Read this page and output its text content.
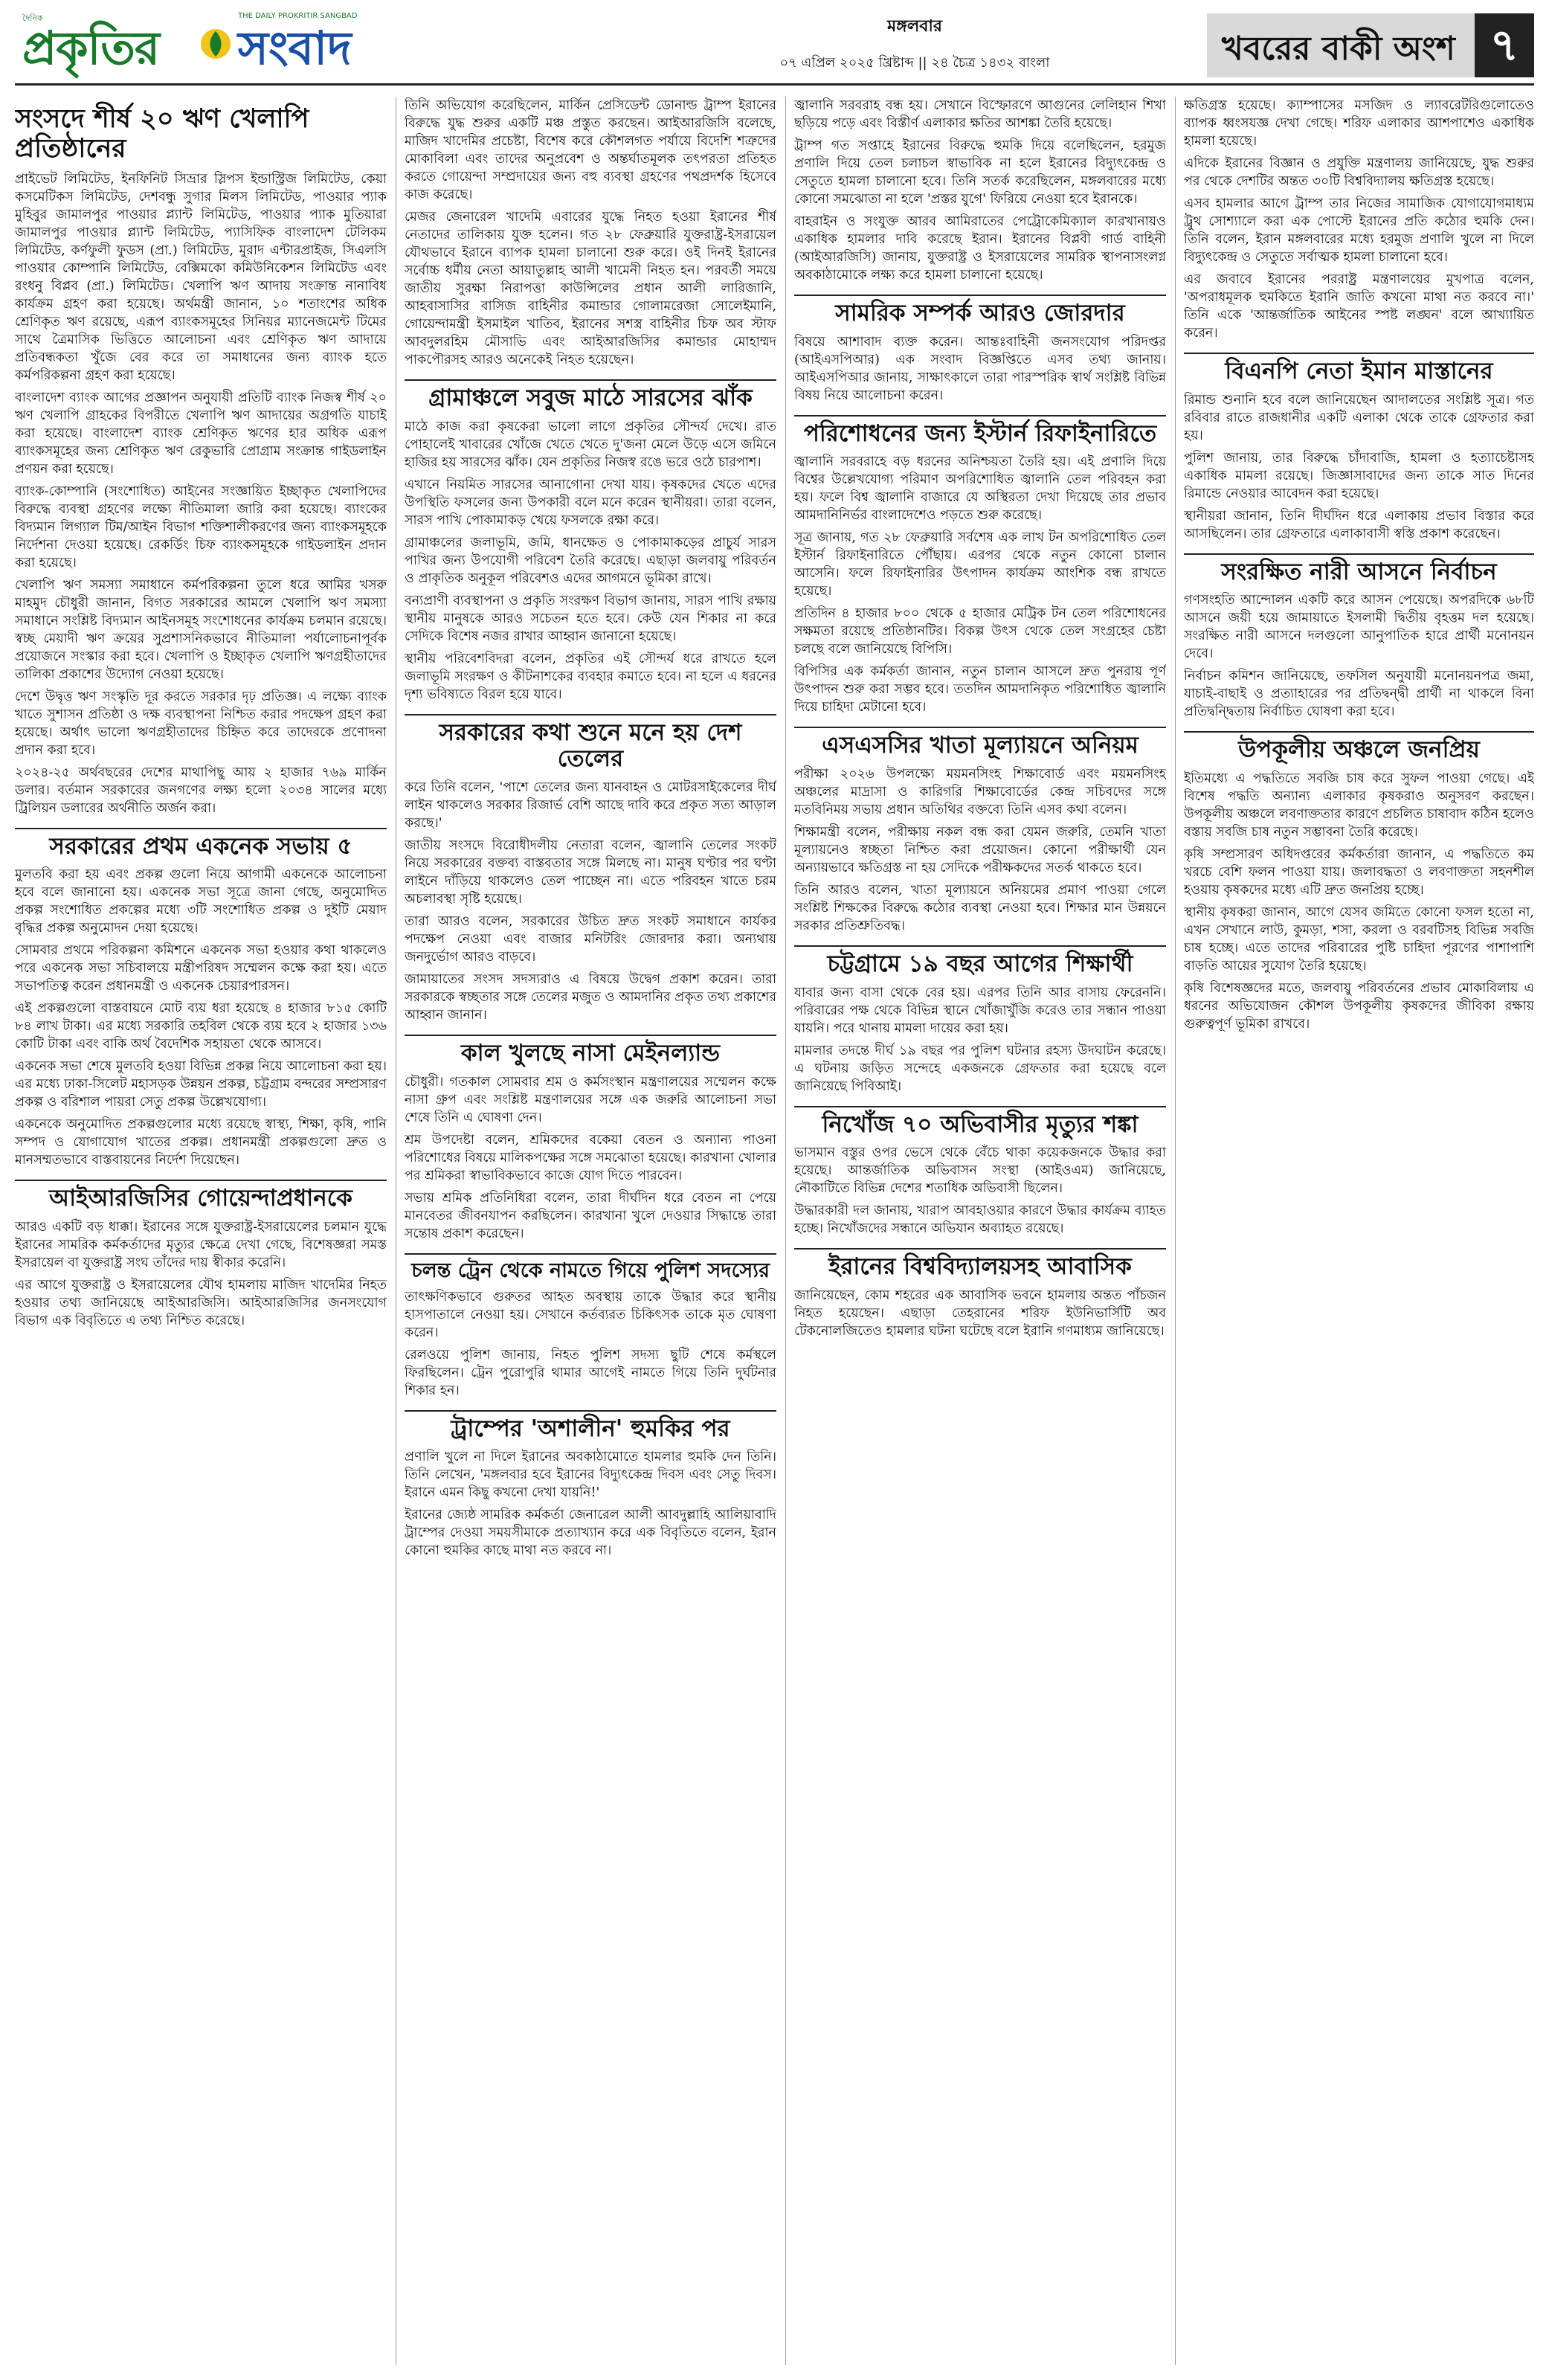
দৈনিক
প্রকৃতির সংবাদ
THE DAILY PROKRITIR SANGBAD
মঙ্গলবার
০৭ এপ্রিল ২০২৫ খ্রিষ্টাব্দ || ২৪ চৈত্র ১৪৩২ বাংলা	খবরের বাকী অংশ ৭
সংসদে শীর্ষ ২০ ঋণ খেলাপি প্রতিষ্ঠানের

প্রাইভেট লিমিটেড, ইনফিনিট সিভ্রার স্লিপস ইন্ডাস্ট্রিজ লিমিটেড, কেয়া কসমেটিকস লিমিটেড, দেশবন্ধু সুগার মিলস লিমিটেড, পাওয়ার প্যাক মুহিবুর জামালপুর পাওয়ার প্ল্যান্ট লিমিটেড, পাওয়ার প্যাক মুতিয়ারা জামালপুর পাওয়ার প্ল্যান্ট লিমিটেড, প্যাসিফিক বাংলাদেশ টেলিকম লিমিটেড, কর্ণফুলী ফুডস (প্রা.) লিমিটেড, মুরাদ এন্টারপ্রাইজ, সিএলসি পাওয়ার কোম্পানি লিমিটেড, বেক্সিমকো কমিউনিকেশন লিমিটেড এবং রংধনু বিপ্লব (প্রা.) লিমিটেড। খেলাপি ঋণ আদায় সংক্রান্ত নানাবিধ কার্যক্রম গ্রহণ করা হয়েছে। অর্থমন্ত্রী জানান, ১০ শতাংশের অধিক শ্রেণিকৃত ঋণ রয়েছে, এরূপ ব্যাংকসমূহের সিনিয়র ম্যানেজমেন্ট টিমের সাথে ত্রৈমাসিক ভিত্তিতে আলোচনা এবং শ্রেণিকৃত ঋণ আদায়ে প্রতিবন্ধকতা খুঁজে বের করে তা সমাধানের জন্য ব্যাংক হতে কর্মপরিকল্পনা গ্রহণ করা হয়েছে।

বাংলাদেশ ব্যাংক আগের প্রজ্ঞাপন অনুযায়ী প্রতিটি ব্যাংক নিজস্ব শীর্ষ ২০ ঋণ খেলাপি গ্রাহকের বিপরীতে খেলাপি ঋণ আদায়ের অগ্রগতি যাচাই করা হয়েছে। বাংলাদেশ ব্যাংক শ্রেণিকৃত ঋণের হার অধিক এরূপ ব্যাংকসমূহের জন্য শ্রেণিকৃত ঋণ রেকুভারি প্রোগ্রাম সংক্রান্ত গাইডলাইন প্রণয়ন করা হয়েছে।

ব্যাংক-কোম্পানি (সংশোধিত) আইনের সংজ্ঞায়িত ইচ্ছাকৃত খেলাপিদের বিরুদ্ধে ব্যবস্থা গ্রহণের লক্ষ্যে নীতিমালা জারি করা হয়েছে। ব্যাংকের বিদ্যমান লিগ্যাল টিম/আইন বিভাগ শক্তিশালীকরণের জন্য ব্যাংকসমূহকে নির্দেশনা দেওয়া হয়েছে। রেকর্ডিং চিফ ব্যাংকসমূহকে গাইডলাইন প্রদান করা হয়েছে।

খেলাপি ঋণ সমস্যা সমাধানে কর্মপরিকল্পনা তুলে ধরে আমির খসরু মাহমুদ চৌধুরী জানান, বিগত সরকারের আমলে খেলাপি ঋণ সমস্যা সমাধানে সংশ্লিষ্ট বিদ্যমান আইনসমূহ সংশোধনের কার্যক্রম চলমান রয়েছে। স্বচ্ছ মেয়াদী ঋণ ক্রয়ের সুপ্রশাসনিকভাবে নীতিমালা পর্যালোচনাপূর্বক প্রয়োজনে সংস্কার করা হবে। খেলাপি ও ইচ্ছাকৃত খেলাপি ঋণগ্রহীতাদের তালিকা প্রকাশের উদ্যোগ নেওয়া হয়েছে।

দেশে উদ্বৃত্ত ঋণ সংস্কৃতি দূর করতে সরকার দৃঢ় প্রতিজ্ঞ। এ লক্ষ্যে ব্যাংক খাতে সুশাসন প্রতিষ্ঠা ও দক্ষ ব্যবস্থাপনা নিশ্চিত করার পদক্ষেপ গ্রহণ করা হয়েছে। অর্থাৎ ভালো ঋণগ্রহীতাদের চিহ্নিত করে তাদেরকে প্রণোদনা প্রদান করা হবে।

২০২৪-২৫ অর্থবছরের দেশের মাথাপিছু আয় ২ হাজার ৭৬৯ মার্কিন ডলার। বর্তমান সরকারের জনগণের লক্ষ্য হলো ২০৩৪ সালের মধ্যে ট্রিলিয়ন ডলারের অর্থনীতি অর্জন করা।

সরকারের প্রথম একনেক সভায় ৫

মুলতবি করা হয় এবং প্রকল্প গুলো নিয়ে আগামী একনেকে আলোচনা হবে বলে জানানো হয়। একনেক সভা সূত্রে জানা গেছে, অনুমোদিত প্রকল্প সংশোধিত প্রকল্পের মধ্যে ৩টি সংশোধিত প্রকল্প ও দুইটি মেয়াদ বৃদ্ধির প্রকল্প অনুমোদন দেয়া হয়েছে।

সোমবার প্রথমে পরিকল্পনা কমিশনে একনেক সভা হওয়ার কথা থাকলেও পরে একনেক সভা সচিবালয়ে মন্ত্রীপরিষদ সম্মেলন কক্ষে করা হয়। এতে সভাপতিত্ব করেন প্রধানমন্ত্রী ও একনেক চেয়ারপারসন।

এই প্রকল্পগুলো বাস্তবায়নে মোট ব্যয় ধরা হয়েছে ৪ হাজার ৮১৫ কোটি ৮৪ লাখ টাকা। এর মধ্যে সরকারি তহবিল থেকে ব্যয় হবে ২ হাজার ১৩৬ কোটি টাকা এবং বাকি অর্থ বৈদেশিক সহায়তা থেকে আসবে।

একনেক সভা শেষে মুলতবি হওয়া বিভিন্ন প্রকল্প নিয়ে আলোচনা করা হয়। এর মধ্যে ঢাকা-সিলেট মহাসড়ক উন্নয়ন প্রকল্প, চট্টগ্রাম বন্দরের সম্প্রসারণ প্রকল্প ও বরিশাল পায়রা সেতু প্রকল্প উল্লেখযোগ্য।

একনেকে অনুমোদিত প্রকল্পগুলোর মধ্যে রয়েছে স্বাস্থ্য, শিক্ষা, কৃষি, পানি সম্পদ ও যোগাযোগ খাতের প্রকল্প। প্রধানমন্ত্রী প্রকল্পগুলো দ্রুত ও মানসম্মতভাবে বাস্তবায়নের নির্দেশ দিয়েছেন।

আইআরজিসির গোয়েন্দাপ্রধানকে

আরও একটি বড় ধাক্কা। ইরানের সঙ্গে যুক্তরাষ্ট্র-ইসরায়েলের চলমান যুদ্ধে ইরানের সামরিক কর্মকর্তাদের মৃত্যুর ক্ষেত্রে দেখা গেছে, বিশেষজ্ঞরা সমস্ত ইসরায়েল বা যুক্তরাষ্ট্র সংঘ তাঁদের দায় স্বীকার করেনি।

এর আগে যুক্তরাষ্ট্র ও ইসরায়েলের যৌথ হামলায় মাজিদ খাদেমির নিহত হওয়ার তথ্য জানিয়েছে আইআরজিসি। আইআরজিসির জনসংযোগ বিভাগ এক বিবৃতিতে এ তথ্য নিশ্চিত করেছে।

তিনি অভিযোগ করেছিলেন, মার্কিন প্রেসিডেন্ট ডোনাল্ড ট্রাম্প ইরানের বিরুদ্ধে যুদ্ধ শুরুর একটি মঞ্চ প্রস্তুত করছেন। আইআরজিসি বলেছে, মাজিদ খাদেমির প্রচেষ্টা, বিশেষ করে কৌশলগত পর্যায়ে বিদেশি শত্রুদের মোকাবিলা এবং তাদের অনুপ্রবেশ ও অন্তর্ঘাতমূলক তৎপরতা প্রতিহত করতে গোয়েন্দা সম্প্রদায়ের জন্য বহু ব্যবস্থা গ্রহণের পথপ্রদর্শক হিসেবে কাজ করেছে।

মেজর জেনারেল খাদেমি এবারের যুদ্ধে নিহত হওয়া ইরানের শীর্ষ নেতাদের তালিকায় যুক্ত হলেন। গত ২৮ ফেব্রুয়ারি যুক্তরাষ্ট্র-ইসরায়েল যৌথভাবে ইরানে ব্যাপক হামলা চালানো শুরু করে। ওই দিনই ইরানের সর্বোচ্চ ধর্মীয় নেতা আয়াতুল্লাহ আলী খামেনী নিহত হন। পরবর্তী সময়ে জাতীয় সুরক্ষা নিরাপত্তা কাউন্সিলের প্রধান আলী লারিজানি, আহবাসাসির বাসিজ বাহিনীর কমান্ডার গোলামরেজা সোলেইমানি, গোয়েন্দামন্ত্রী ইসমাইল খাতিব, ইরানের সশস্ত্র বাহিনীর চিফ অব স্টাফ আবদুলরহিম মৌসাভি এবং আইআরজিসির কমান্ডার মোহাম্মদ পাকপৌরসহ আরও অনেকেই নিহত হয়েছেন।

গ্রামাঞ্চলে সবুজ মাঠে সারসের ঝাঁক

মাঠে কাজ করা কৃষকেরা ভালো লাগে প্রকৃতির সৌন্দর্য দেখে। রাত পোহালেই খাবারের খোঁজে খেতে খেতে দু'জনা মেলে উড়ে এসে জমিনে হাজির হয় সারসের ঝাঁক। যেন প্রকৃতির নিজস্ব রঙে ভরে ওঠে চারপাশ।

এখানে নিয়মিত সারসের আনাগোনা দেখা যায়। কৃষকদের খেতে এদের উপস্থিতি ফসলের জন্য উপকারী বলে মনে করেন স্থানীয়রা। তারা বলেন, সারস পাখি পোকামাকড় খেয়ে ফসলকে রক্ষা করে।

গ্রামাঞ্চলের জলাভূমি, জমি, ধানক্ষেত ও পোকামাকড়ের প্রাচুর্য সারস পাখির জন্য উপযোগী পরিবেশ তৈরি করেছে। এছাড়া জলবায়ু পরিবর্তন ও প্রাকৃতিক অনুকূল পরিবেশও এদের আগমনে ভূমিকা রাখে।

বন্যপ্রাণী ব্যবস্থাপনা ও প্রকৃতি সংরক্ষণ বিভাগ জানায়, সারস পাখি রক্ষায় স্থানীয় মানুষকে আরও সচেতন হতে হবে। কেউ যেন শিকার না করে সেদিকে বিশেষ নজর রাখার আহ্বান জানানো হয়েছে।

স্থানীয় পরিবেশবিদরা বলেন, প্রকৃতির এই সৌন্দর্য ধরে রাখতে হলে জলাভূমি সংরক্ষণ ও কীটনাশকের ব্যবহার কমাতে হবে। না হলে এ ধরনের দৃশ্য ভবিষ্যতে বিরল হয়ে যাবে।

সরকারের কথা শুনে মনে হয় দেশ তেলের

করে তিনি বলেন, 'পাশে তেলের জন্য যানবাহন ও মোটরসাইকেলের দীর্ঘ লাইন থাকলেও সরকার রিজার্ভ বেশি আছে দাবি করে প্রকৃত সত্য আড়াল করছে।'

জাতীয় সংসদে বিরোধীদলীয় নেতারা বলেন, জ্বালানি তেলের সংকট নিয়ে সরকারের বক্তব্য বাস্তবতার সঙ্গে মিলছে না। মানুষ ঘণ্টার পর ঘণ্টা লাইনে দাঁড়িয়ে থাকলেও তেল পাচ্ছেন না। এতে পরিবহন খাতে চরম অচলাবস্থা সৃষ্টি হয়েছে।

তারা আরও বলেন, সরকারের উচিত দ্রুত সংকট সমাধানে কার্যকর পদক্ষেপ নেওয়া এবং বাজার মনিটরিং জোরদার করা। অন্যথায় জনদুর্ভোগ আরও বাড়বে।

জামায়াতের সংসদ সদস্যরাও এ বিষয়ে উদ্বেগ প্রকাশ করেন। তারা সরকারকে স্বচ্ছতার সঙ্গে তেলের মজুত ও আমদানির প্রকৃত তথ্য প্রকাশের আহ্বান জানান।

কাল খুলছে নাসা মেইনল্যান্ড

চৌধুরী। গতকাল সোমবার শ্রম ও কর্মসংস্থান মন্ত্রণালয়ের সম্মেলন কক্ষে নাসা গ্রুপ এবং সংশ্লিষ্ট মন্ত্রণালয়ের সঙ্গে এক জরুরি আলোচনা সভা শেষে তিনি এ ঘোষণা দেন।

শ্রম উপদেষ্টা বলেন, শ্রমিকদের বকেয়া বেতন ও অন্যান্য পাওনা পরিশোধের বিষয়ে মালিকপক্ষের সঙ্গে সমঝোতা হয়েছে। কারখানা খোলার পর শ্রমিকরা স্বাভাবিকভাবে কাজে যোগ দিতে পারবেন।

সভায় শ্রমিক প্রতিনিধিরা বলেন, তারা দীর্ঘদিন ধরে বেতন না পেয়ে মানবেতর জীবনযাপন করছিলেন। কারখানা খুলে দেওয়ার সিদ্ধান্তে তারা সন্তোষ প্রকাশ করেছেন।

চলন্ত ট্রেন থেকে নামতে গিয়ে পুলিশ সদস্যের

তাৎক্ষণিকভাবে গুরুতর আহত অবস্থায় তাকে উদ্ধার করে স্থানীয় হাসপাতালে নেওয়া হয়। সেখানে কর্তব্যরত চিকিৎসক তাকে মৃত ঘোষণা করেন।

রেলওয়ে পুলিশ জানায়, নিহত পুলিশ সদস্য ছুটি শেষে কর্মস্থলে ফিরছিলেন। ট্রেন পুরোপুরি থামার আগেই নামতে গিয়ে তিনি দুর্ঘটনার শিকার হন।

ট্রাম্পের 'অশালীন' হুমকির পর

প্রণালি খুলে না দিলে ইরানের অবকাঠামোতে হামলার হুমকি দেন তিনি। তিনি লেখেন, 'মঙ্গলবার হবে ইরানের বিদ্যুৎকেন্দ্র দিবস এবং সেতু দিবস। ইরানে এমন কিছু কখনো দেখা যায়নি!'

ইরানের জ্যেষ্ঠ সামরিক কর্মকর্তা জেনারেল আলী আবদুল্লাহি আলিয়াবাদি ট্রাম্পের দেওয়া সময়সীমাকে প্রত্যাখ্যান করে এক বিবৃতিতে বলেন, ইরান কোনো হুমকির কাছে মাথা নত করবে না।

জ্বালানি সরবরাহ বন্ধ হয়। সেখানে বিস্ফোরণে আগুনের লেলিহান শিখা ছড়িয়ে পড়ে এবং বিস্তীর্ণ এলাকার ক্ষতির আশঙ্কা তৈরি হয়েছে।

ট্রাম্প গত সপ্তাহে ইরানের বিরুদ্ধে হুমকি দিয়ে বলেছিলেন, হরমুজ প্রণালি দিয়ে তেল চলাচল স্বাভাবিক না হলে ইরানের বিদ্যুৎকেন্দ্র ও সেতুতে হামলা চালানো হবে। তিনি সতর্ক করেছিলেন, মঙ্গলবারের মধ্যে কোনো সমঝোতা না হলে 'প্রস্তর যুগে' ফিরিয়ে নেওয়া হবে ইরানকে।

বাহরাইন ও সংযুক্ত আরব আমিরাতের পেট্রোকেমিক্যাল কারখানায়ও একাধিক হামলার দাবি করেছে ইরান। ইরানের বিপ্লবী গার্ড বাহিনী (আইআরজিসি) জানায়, যুক্তরাষ্ট্র ও ইসরায়েলের সামরিক স্থাপনাসংলগ্ন অবকাঠামোকে লক্ষ্য করে হামলা চালানো হয়েছে।

সামরিক সম্পর্ক আরও জোরদার

বিষয়ে আশাবাদ ব্যক্ত করেন। আন্তঃবাহিনী জনসংযোগ পরিদপ্তর (আইএসপিআর) এক সংবাদ বিজ্ঞপ্তিতে এসব তথ্য জানায়। আইএসপিআর জানায়, সাক্ষাৎকালে তারা পারস্পরিক স্বার্থ সংশ্লিষ্ট বিভিন্ন বিষয় নিয়ে আলোচনা করেন।

পরিশোধনের জন্য ইস্টার্ন রিফাইনারিতে

জ্বালানি সরবরাহে বড় ধরনের অনিশ্চয়তা তৈরি হয়। এই প্রণালি দিয়ে বিশ্বের উল্লেখযোগ্য পরিমাণ অপরিশোধিত জ্বালানি তেল পরিবহন করা হয়। ফলে বিশ্ব জ্বালানি বাজারে যে অস্থিরতা দেখা দিয়েছে তার প্রভাব আমদানিনির্ভর বাংলাদেশেও পড়তে শুরু করেছে।

সূত্র জানায়, গত ২৮ ফেব্রুয়ারি সর্বশেষ এক লাখ টন অপরিশোধিত তেল ইস্টার্ন রিফাইনারিতে পৌঁছায়। এরপর থেকে নতুন কোনো চালান আসেনি। ফলে রিফাইনারির উৎপাদন কার্যক্রম আংশিক বন্ধ রাখতে হয়েছে।

প্রতিদিন ৪ হাজার ৮০০ থেকে ৫ হাজার মেট্রিক টন তেল পরিশোধনের সক্ষমতা রয়েছে প্রতিষ্ঠানটির। বিকল্প উৎস থেকে তেল সংগ্রহের চেষ্টা চলছে বলে জানিয়েছে বিপিসি।

বিপিসির এক কর্মকর্তা জানান, নতুন চালান আসলে দ্রুত পুনরায় পূর্ণ উৎপাদন শুরু করা সম্ভব হবে। ততদিন আমদানিকৃত পরিশোধিত জ্বালানি দিয়ে চাহিদা মেটানো হবে।

এসএসসির খাতা মূল্যায়নে অনিয়ম

পরীক্ষা ২০২৬ উপলক্ষ্যে ময়মনসিংহ শিক্ষাবোর্ড এবং ময়মনসিংহ অঞ্চলের মাদ্রাসা ও কারিগরি শিক্ষাবোর্ডের কেন্দ্র সচিবদের সঙ্গে মতবিনিময় সভায় প্রধান অতিথির বক্তব্যে তিনি এসব কথা বলেন।

শিক্ষামন্ত্রী বলেন, পরীক্ষায় নকল বন্ধ করা যেমন জরুরি, তেমনি খাতা মূল্যায়নেও স্বচ্ছতা নিশ্চিত করা প্রয়োজন। কোনো পরীক্ষার্থী যেন অন্যায়ভাবে ক্ষতিগ্রস্ত না হয় সেদিকে পরীক্ষকদের সতর্ক থাকতে হবে।

তিনি আরও বলেন, খাতা মূল্যায়নে অনিয়মের প্রমাণ পাওয়া গেলে সংশ্লিষ্ট শিক্ষকের বিরুদ্ধে কঠোর ব্যবস্থা নেওয়া হবে। শিক্ষার মান উন্নয়নে সরকার প্রতিশ্রুতিবদ্ধ।

চট্টগ্রামে ১৯ বছর আগের শিক্ষার্থী

যাবার জন্য বাসা থেকে বের হয়। এরপর তিনি আর বাসায় ফেরেননি। পরিবারের পক্ষ থেকে বিভিন্ন স্থানে খোঁজাখুঁজি করেও তার সন্ধান পাওয়া যায়নি। পরে থানায় মামলা দায়ের করা হয়।

মামলার তদন্তে দীর্ঘ ১৯ বছর পর পুলিশ ঘটনার রহস্য উদঘাটন করেছে। এ ঘটনায় জড়িত সন্দেহে একজনকে গ্রেফতার করা হয়েছে বলে জানিয়েছে পিবিআই।

নিখোঁজ ৭০ অভিবাসীর মৃত্যুর শঙ্কা

ভাসমান বস্তুর ওপর ভেসে থেকে বেঁচে থাকা কয়েকজনকে উদ্ধার করা হয়েছে। আন্তর্জাতিক অভিবাসন সংস্থা (আইওএম) জানিয়েছে, নৌকাটিতে বিভিন্ন দেশের শতাধিক অভিবাসী ছিলেন।

উদ্ধারকারী দল জানায়, খারাপ আবহাওয়ার কারণে উদ্ধার কার্যক্রম ব্যাহত হচ্ছে। নিখোঁজদের সন্ধানে অভিযান অব্যাহত রয়েছে।

ইরানের বিশ্ববিদ্যালয়সহ আবাসিক

জানিয়েছেন, কোম শহরের এক আবাসিক ভবনে হামলায় অন্তত পাঁচজন নিহত হয়েছেন। এছাড়া তেহরানের শরিফ ইউনিভার্সিটি অব টেকনোলজিতেও হামলার ঘটনা ঘটেছে বলে ইরানি গণমাধ্যম জানিয়েছে।

ক্ষতিগ্রস্ত হয়েছে। ক্যাম্পাসের মসজিদ ও ল্যাবরেটরিগুলোতেও ব্যাপক ধ্বংসযজ্ঞ দেখা গেছে। শরিফ এলাকার আশপাশেও একাধিক হামলা হয়েছে।

এদিকে ইরানের বিজ্ঞান ও প্রযুক্তি মন্ত্রণালয় জানিয়েছে, যুদ্ধ শুরুর পর থেকে দেশটির অন্তত ৩০টি বিশ্ববিদ্যালয় ক্ষতিগ্রস্ত হয়েছে।

এসব হামলার আগে ট্রাম্প তার নিজের সামাজিক যোগাযোগমাধ্যম ট্রুথ সোশ্যালে করা এক পোস্টে ইরানের প্রতি কঠোর হুমকি দেন। তিনি বলেন, ইরান মঙ্গলবারের মধ্যে হরমুজ প্রণালি খুলে না দিলে বিদ্যুৎকেন্দ্র ও সেতুতে সর্বাত্মক হামলা চালানো হবে।

এর জবাবে ইরানের পররাষ্ট্র মন্ত্রণালয়ের মুখপাত্র বলেন, 'অপরাধমূলক হুমকিতে ইরানি জাতি কখনো মাথা নত করবে না।' তিনি একে 'আন্তর্জাতিক আইনের স্পষ্ট লঙ্ঘন' বলে আখ্যায়িত করেন।

বিএনপি নেতা ইমান মাস্তানের

রিমান্ড শুনানি হবে বলে জানিয়েছেন আদালতের সংশ্লিষ্ট সূত্র। গত রবিবার রাতে রাজধানীর একটি এলাকা থেকে তাকে গ্রেফতার করা হয়।

পুলিশ জানায়, তার বিরুদ্ধে চাঁদাবাজি, হামলা ও হত্যাচেষ্টাসহ একাধিক মামলা রয়েছে। জিজ্ঞাসাবাদের জন্য তাকে সাত দিনের রিমান্ডে নেওয়ার আবেদন করা হয়েছে।

স্থানীয়রা জানান, তিনি দীর্ঘদিন ধরে এলাকায় প্রভাব বিস্তার করে আসছিলেন। তার গ্রেফতারে এলাকাবাসী স্বস্তি প্রকাশ করেছেন।

সংরক্ষিত নারী আসনে নির্বাচন

গণসংহতি আন্দোলন একটি করে আসন পেয়েছে। অপরদিকে ৬৮টি আসনে জয়ী হয়ে জামায়াতে ইসলামী দ্বিতীয় বৃহত্তম দল হয়েছে। সংরক্ষিত নারী আসনে দলগুলো আনুপাতিক হারে প্রার্থী মনোনয়ন দেবে।

নির্বাচন কমিশন জানিয়েছে, তফসিল অনুযায়ী মনোনয়নপত্র জমা, যাচাই-বাছাই ও প্রত্যাহারের পর প্রতিদ্বন্দ্বী প্রার্থী না থাকলে বিনা প্রতিদ্বন্দ্বিতায় নির্বাচিত ঘোষণা করা হবে।

উপকূলীয় অঞ্চলে জনপ্রিয়

ইতিমধ্যে এ পদ্ধতিতে সবজি চাষ করে সুফল পাওয়া গেছে। এই বিশেষ পদ্ধতি অন্যান্য এলাকার কৃষকরাও অনুসরণ করছেন। উপকূলীয় অঞ্চলে লবণাক্ততার কারণে প্রচলিত চাষাবাদ কঠিন হলেও বস্তায় সবজি চাষ নতুন সম্ভাবনা তৈরি করেছে।

কৃষি সম্প্রসারণ অধিদপ্তরের কর্মকর্তারা জানান, এ পদ্ধতিতে কম খরচে বেশি ফলন পাওয়া যায়। জলাবদ্ধতা ও লবণাক্ততা সহনশীল হওয়ায় কৃষকদের মধ্যে এটি দ্রুত জনপ্রিয় হচ্ছে।

স্থানীয় কৃষকরা জানান, আগে যেসব জমিতে কোনো ফসল হতো না, এখন সেখানে লাউ, কুমড়া, শসা, করলা ও বরবটিসহ বিভিন্ন সবজি চাষ হচ্ছে। এতে তাদের পরিবারের পুষ্টি চাহিদা পূরণের পাশাপাশি বাড়তি আয়ের সুযোগ তৈরি হয়েছে।

কৃষি বিশেষজ্ঞদের মতে, জলবায়ু পরিবর্তনের প্রভাব মোকাবিলায় এ ধরনের অভিযোজন কৌশল উপকূলীয় কৃষকদের জীবিকা রক্ষায় গুরুত্বপূর্ণ ভূমিকা রাখবে।
